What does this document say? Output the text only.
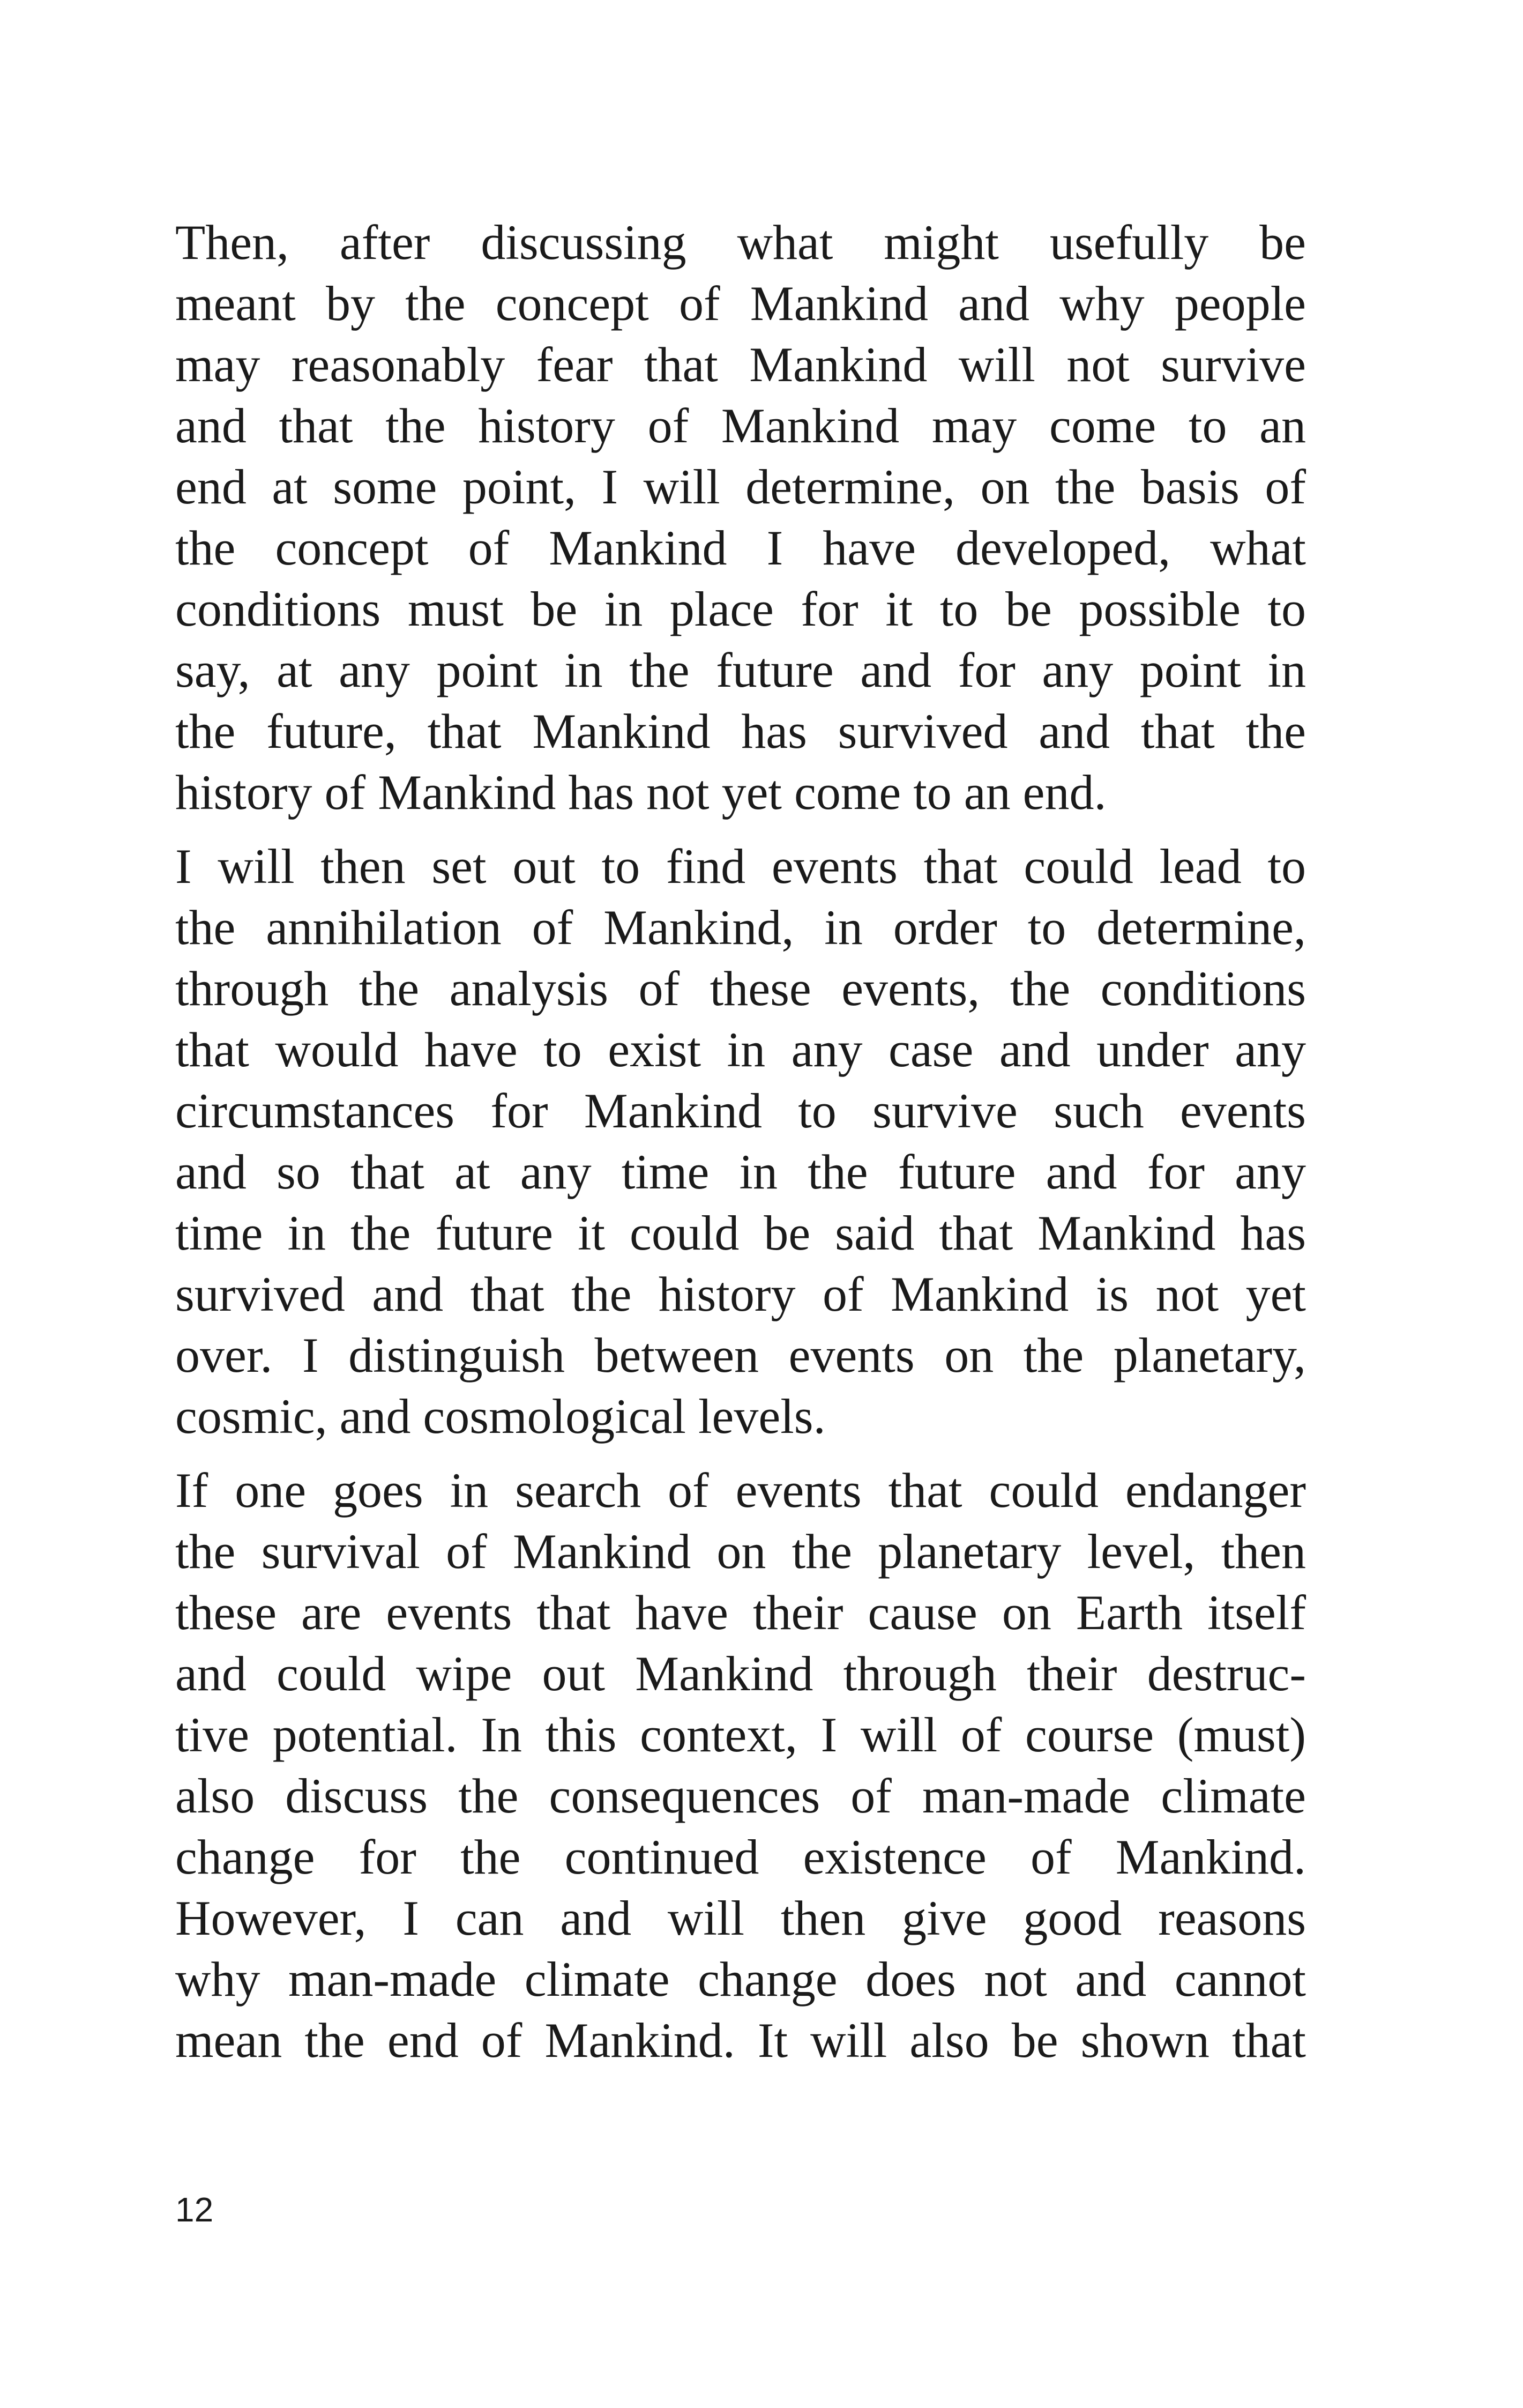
Then, after discussing what might usefully be
meant by the concept of Mankind and why people
may reasonably fear that Mankind will not survive
and that the history of Mankind may come to an
end at some point, I will determine, on the basis of
the concept of Mankind I have developed, what
conditions must be in place for it to be possible to
say, at any point in the future and for any point in
the future, that Mankind has survived and that the
history of Mankind has not yet come to an end.

I will then set out to find events that could lead to
the annihilation of Mankind, in order to determine,
through the analysis of these events, the conditions
that would have to exist in any case and under any
circumstances for Mankind to survive such events
and so that at any time in the future and for any
time in the future it could be said that Mankind has
survived and that the history of Mankind is not yet
over. I distinguish between events on the planetary,
cosmic, and cosmological levels.

If one goes in search of events that could endanger
the survival of Mankind on the planetary level, then
these are events that have their cause on Earth itself
and could wipe out Mankind through their destruc-
tive potential. In this context, I will of course (must)
also discuss the consequences of man-made climate
change for the continued existence of Mankind.
However, I can and will then give good reasons
why man-made climate change does not and cannot
mean the end of Mankind. It will also be shown that

12
